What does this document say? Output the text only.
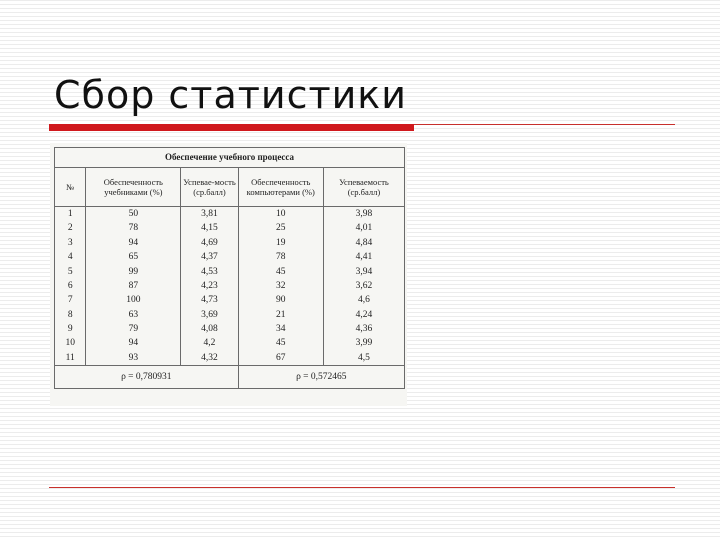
Сбор статистики
Обеспечение учебного процесса				
№	Обеспеченность учебниками (%)	Успевае-мость (ср.балл)	Обеспеченность компьютерами (%)	Успеваемость (ср.балл)
1	50	3,81	10	3,98
2	78	4,15	25	4,01
3	94	4,69	19	4,84
4	65	4,37	78	4,41
5	99	4,53	45	3,94
6	87	4,23	32	3,62
7	100	4,73	90	4,6
8	63	3,69	21	4,24
9	79	4,08	34	4,36
10	94	4,2	45	3,99
11	93	4,32	67	4,5
ρ = 0,780931			ρ = 0,572465	
